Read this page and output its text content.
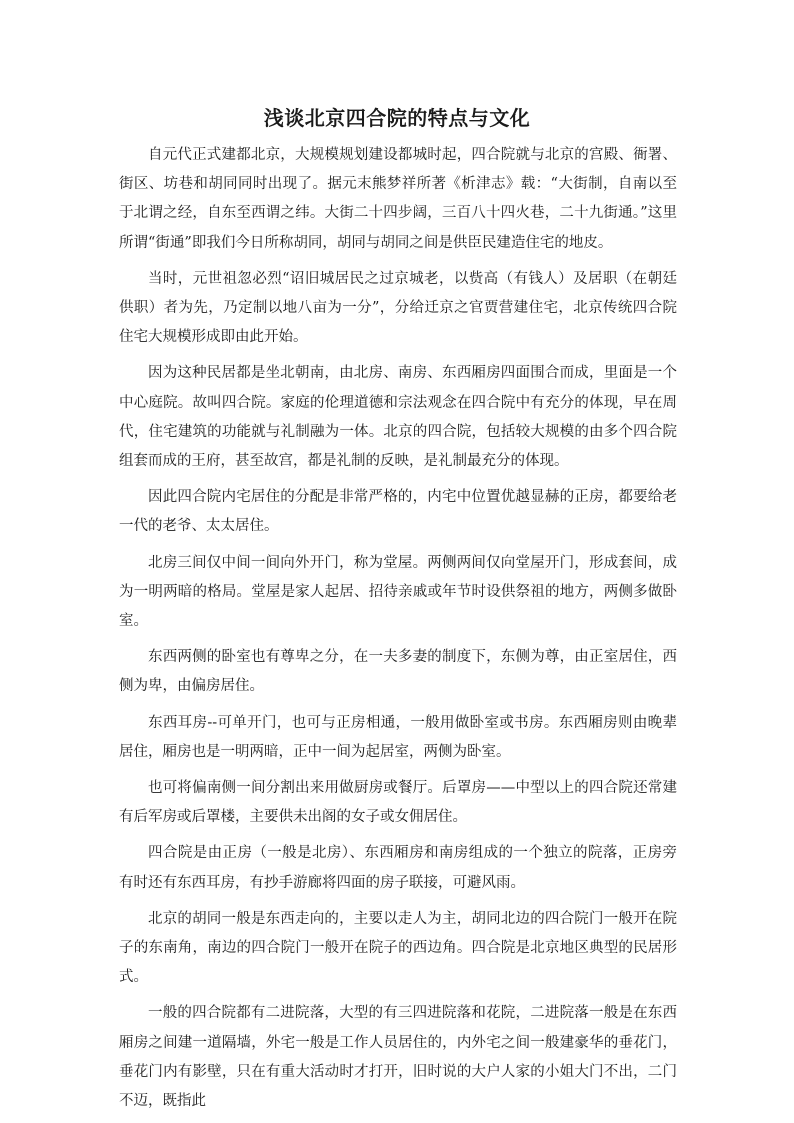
浅谈北京四合院的特点与文化

自元代正式建都北京，大规模规划建设都城时起，四合院就与北京的宫殿、衙署、街区、坊巷和胡同同时出现了。据元末熊梦祥所著《析津志》载：“大街制，自南以至于北谓之经，自东至西谓之纬。大街二十四步阔，三百八十四火巷，二十九街通。”这里所谓“街通”即我们今日所称胡同，胡同与胡同之间是供臣民建造住宅的地皮。

当时，元世祖忽必烈“诏旧城居民之过京城老，以赀高（有钱人）及居职（在朝廷供职）者为先，乃定制以地八亩为一分”，分给迁京之官贾营建住宅，北京传统四合院住宅大规模形成即由此开始。

因为这种民居都是坐北朝南，由北房、南房、东西厢房四面围合而成，里面是一个中心庭院。故叫四合院。家庭的伦理道德和宗法观念在四合院中有充分的体现，早在周代，住宅建筑的功能就与礼制融为一体。北京的四合院，包括较大规模的由多个四合院组套而成的王府，甚至故宫，都是礼制的反映，是礼制最充分的体现。

因此四合院内宅居住的分配是非常严格的，内宅中位置优越显赫的正房，都要给老一代的老爷、太太居住。

北房三间仅中间一间向外开门，称为堂屋。两侧两间仅向堂屋开门，形成套间，成为一明两暗的格局。堂屋是家人起居、招待亲戚或年节时设供祭祖的地方，两侧多做卧室。

东西两侧的卧室也有尊卑之分，在一夫多妻的制度下，东侧为尊，由正室居住，西侧为卑，由偏房居住。

东西耳房--可单开门，也可与正房相通，一般用做卧室或书房。东西厢房则由晚辈居住，厢房也是一明两暗，正中一间为起居室，两侧为卧室。

也可将偏南侧一间分割出来用做厨房或餐厅。后罩房——中型以上的四合院还常建有后军房或后罩楼，主要供未出阁的女子或女佣居住。

四合院是由正房（一般是北房）、东西厢房和南房组成的一个独立的院落，正房旁有时还有东西耳房，有抄手游廊将四面的房子联接，可避风雨。

北京的胡同一般是东西走向的，主要以走人为主，胡同北边的四合院门一般开在院子的东南角，南边的四合院门一般开在院子的西边角。四合院是北京地区典型的民居形式。

一般的四合院都有二进院落，大型的有三四进院落和花院，二进院落一般是在东西厢房之间建一道隔墙，外宅一般是工作人员居住的，内外宅之间一般建豪华的垂花门，垂花门内有影壁，只在有重大活动时才打开，旧时说的大户人家的小姐大门不出，二门不迈，既指此
